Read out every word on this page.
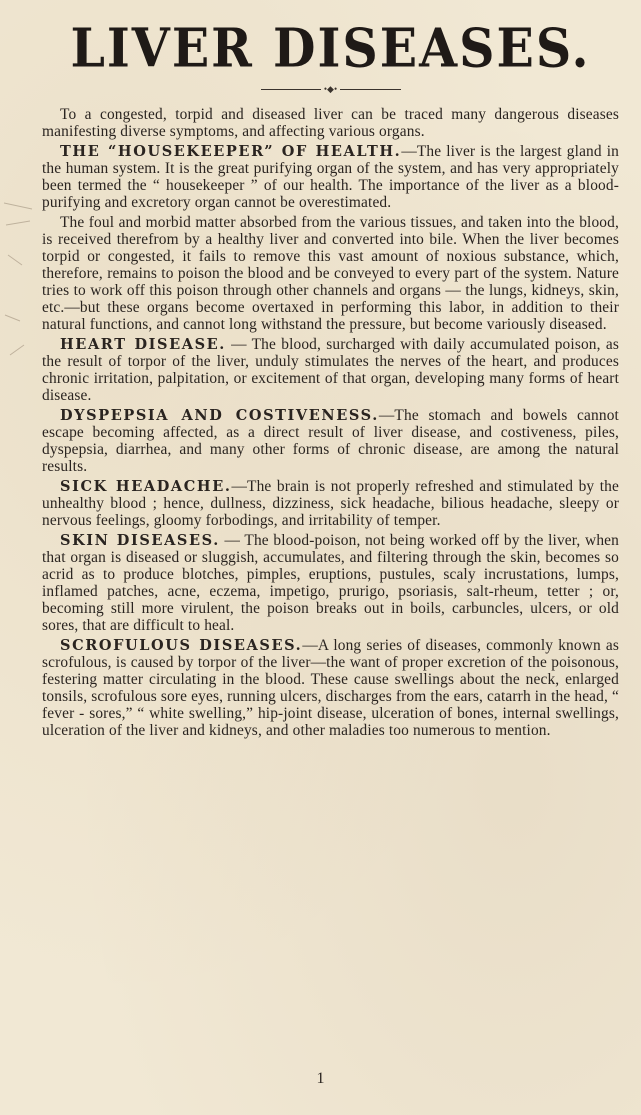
LIVER DISEASES.
•◆•

To a congested, torpid and diseased liver can be traced many dangerous diseases manifesting diverse symptoms, and affecting various organs.

THE “HOUSEKEEPER” OF HEALTH.—The liver is the largest gland in the human system. It is the great purifying organ of the system, and has very appropriately been termed the “ housekeeper ” of our health. The importance of the liver as a blood-purifying and excretory organ cannot be overestimated.

The foul and morbid matter absorbed from the various tissues, and taken into the blood, is received therefrom by a healthy liver and converted into bile. When the liver becomes torpid or congested, it fails to remove this vast amount of noxious substance, which, therefore, remains to poison the blood and be conveyed to every part of the system. Nature tries to work off this poison through other channels and organs — the lungs, kidneys, skin, etc.—but these organs become overtaxed in performing this labor, in addition to their natural functions, and cannot long withstand the pressure, but become variously diseased.

HEART DISEASE. — The blood, surcharged with daily accumulated poison, as the result of torpor of the liver, unduly stimulates the nerves of the heart, and produces chronic irritation, palpitation, or excitement of that organ, developing many forms of heart disease.

DYSPEPSIA AND COSTIVENESS.—The stomach and bowels cannot escape becoming affected, as a direct result of liver disease, and costiveness, piles, dyspepsia, diarrhea, and many other forms of chronic disease, are among the natural results.

SICK HEADACHE.—The brain is not properly refreshed and stimulated by the unhealthy blood ; hence, dullness, dizziness, sick headache, bilious headache, sleepy or nervous feelings, gloomy forbodings, and irritability of temper.

SKIN DISEASES. — The blood-poison, not being worked off by the liver, when that organ is diseased or sluggish, accumulates, and filtering through the skin, becomes so acrid as to produce blotches, pimples, eruptions, pustules, scaly incrustations, lumps, inflamed patches, acne, eczema, impetigo, prurigo, psoriasis, salt-rheum, tetter ; or, becoming still more virulent, the poison breaks out in boils, carbuncles, ulcers, or old sores, that are difficult to heal.

SCROFULOUS DISEASES.—A long series of diseases, commonly known as scrofulous, is caused by torpor of the liver—the want of proper excretion of the poisonous, festering matter circulating in the blood. These cause swellings about the neck, enlarged tonsils, scrofulous sore eyes, running ulcers, discharges from the ears, catarrh in the head, “ fever - sores,” “ white swelling,” hip-joint disease, ulceration of bones, internal swellings, ulceration of the liver and kidneys, and other maladies too numerous to mention.

1
